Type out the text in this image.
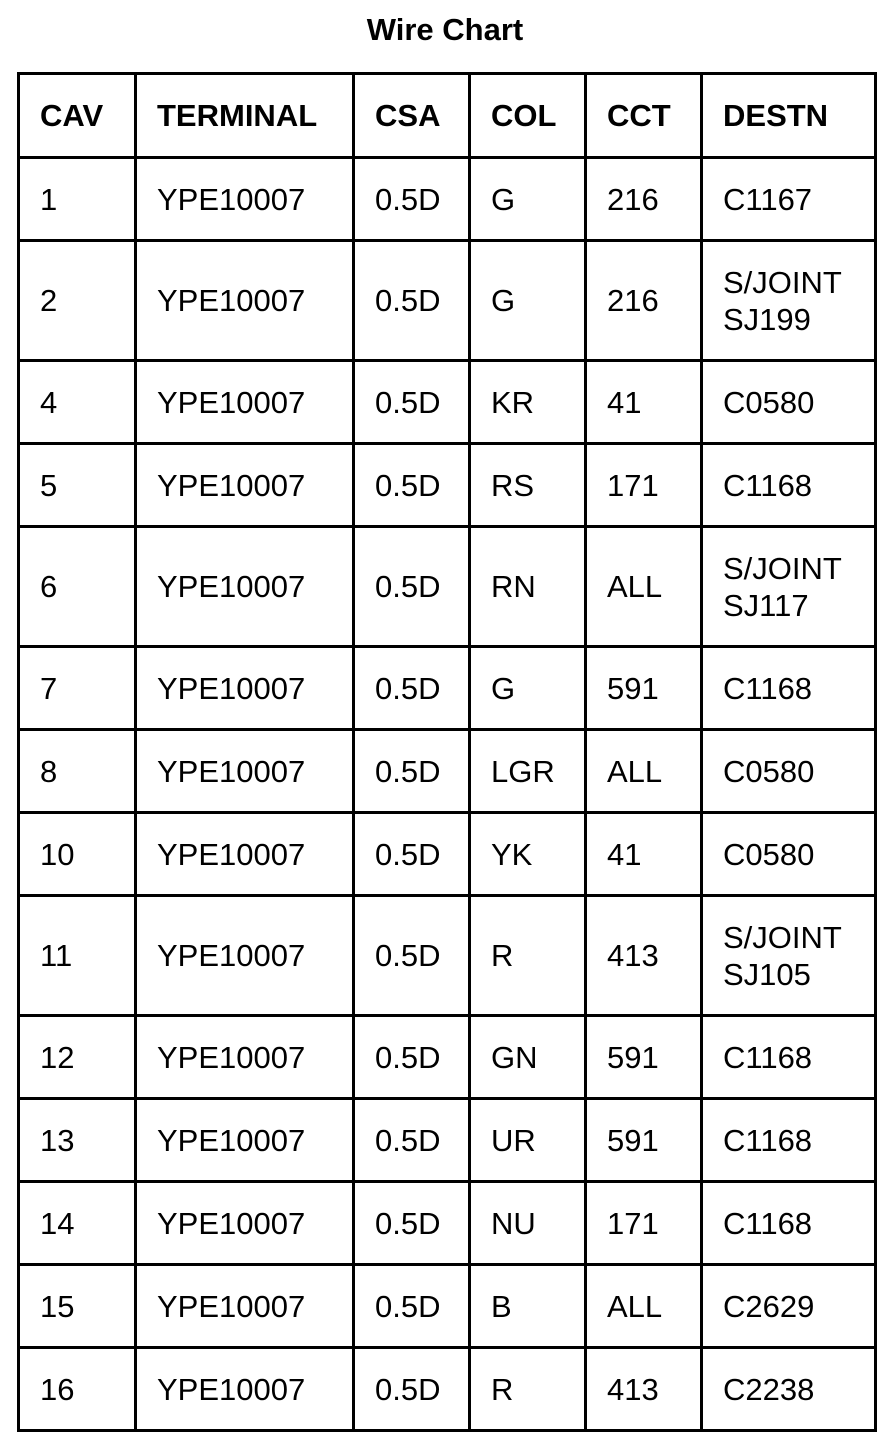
Wire Chart
CAV	TERMINAL	CSA	COL	CCT	DESTN
1	YPE10007	0.5D	G	216	C1167

2	YPE10007	0.5D	G	216	S/JOINT
SJ199

4	YPE10007	0.5D	KR	41	C0580

5	YPE10007	0.5D	RS	171	C1168

6	YPE10007	0.5D	RN	ALL	S/JOINT
SJ117

7	YPE10007	0.5D	G	591	C1168

8	YPE10007	0.5D	LGR	ALL	C0580

10	YPE10007	0.5D	YK	41	C0580

11	YPE10007	0.5D	R	413	S/JOINT
SJ105

12	YPE10007	0.5D	GN	591	C1168

13	YPE10007	0.5D	UR	591	C1168

14	YPE10007	0.5D	NU	171	C1168

15	YPE10007	0.5D	B	ALL	C2629

16	YPE10007	0.5D	R	413	C2238
